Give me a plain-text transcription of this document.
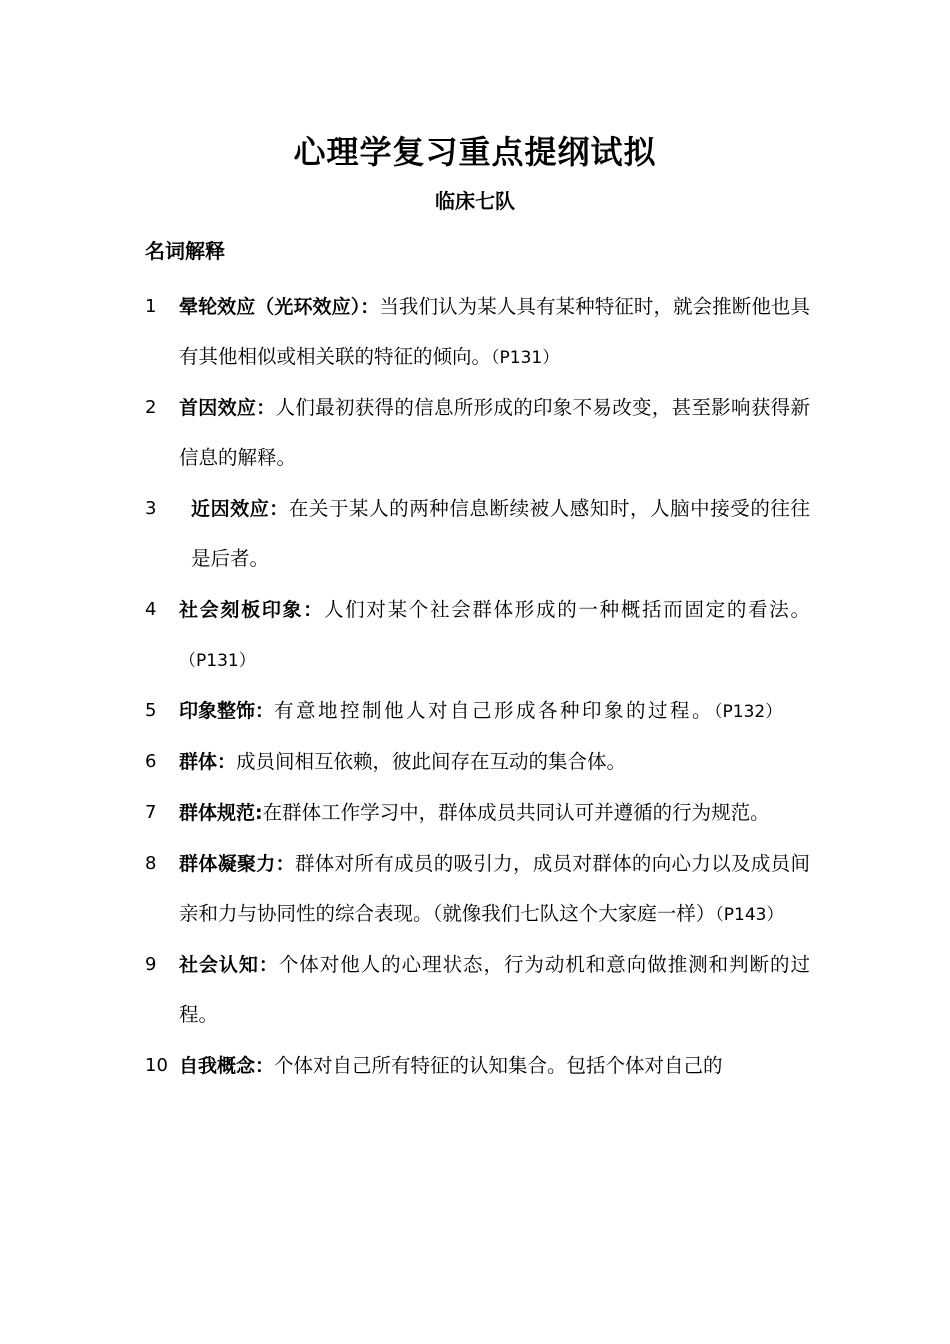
心理学复习重点提纲试拟
临床七队
名词解释
1 晕轮效应（光环效应）：当我们认为某人具有某种特征时，就会推断他也具有其他相似或相关联的特征的倾向。（P131）
2 首因效应：人们最初获得的信息所形成的印象不易改变，甚至影响获得新信息的解释。
3 近因效应：在关于某人的两种信息断续被人感知时，人脑中接受的往往是后者。
4 社会刻板印象：人们对某个社会群体形成的一种概括而固定的看法。（P131）
5 印象整饰：有意地控制他人对自己形成各种印象的过程。（P132）
6 群体：成员间相互依赖，彼此间存在互动的集合体。
7 群体规范:在群体工作学习中，群体成员共同认可并遵循的行为规范。
8 群体凝聚力：群体对所有成员的吸引力，成员对群体的向心力以及成员间亲和力与协同性的综合表现。（就像我们七队这个大家庭一样）（P143）
9 社会认知：个体对他人的心理状态，行为动机和意向做推测和判断的过程。
10 自我概念：个体对自己所有特征的认知集合。包括个体对自己的
